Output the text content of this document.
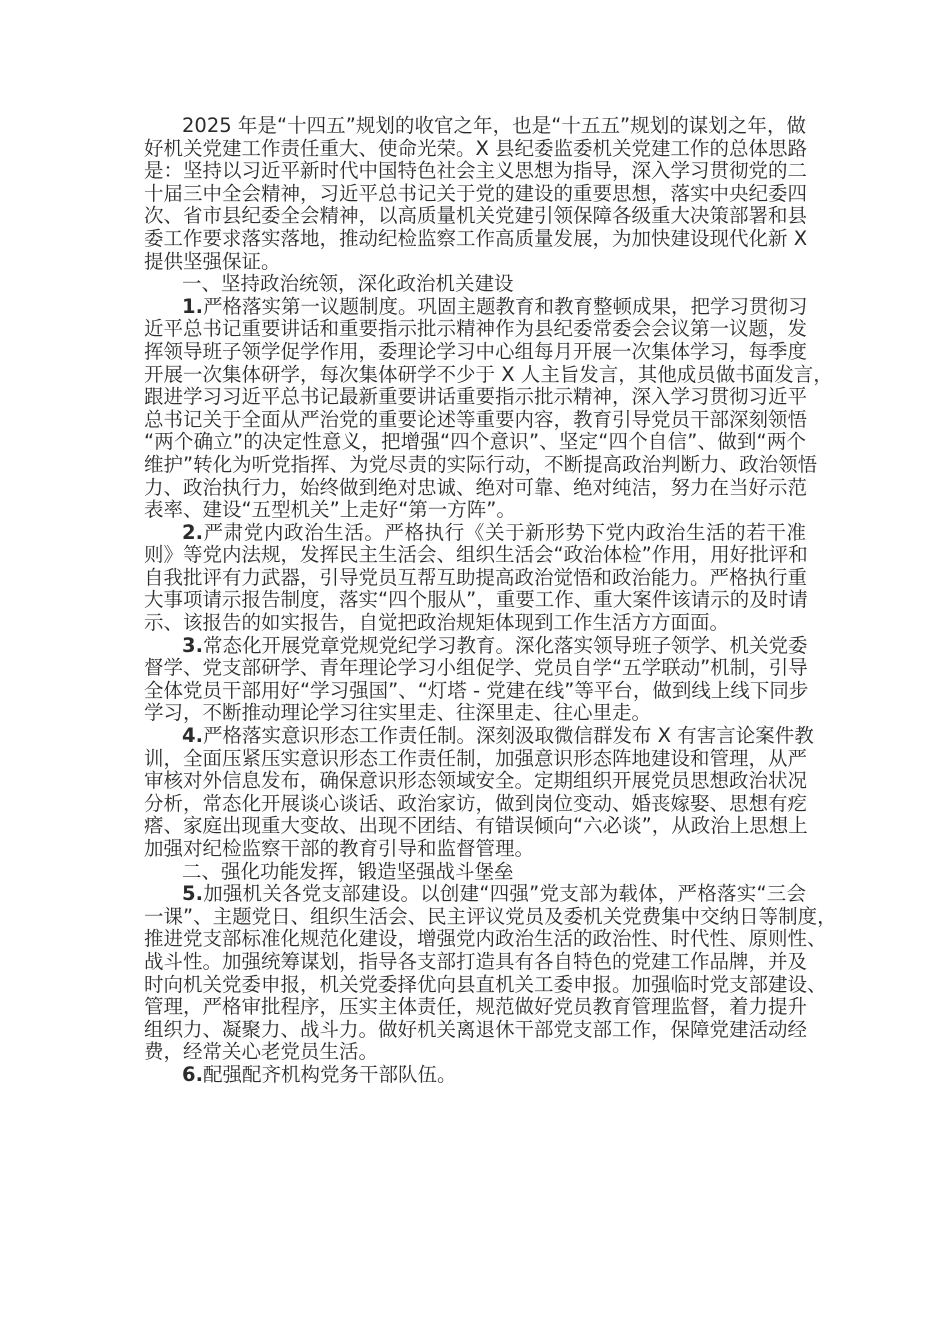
2025 年是“十四五”规划的收官之年，也是“十五五”规划的谋划之年，做
好机关党建工作责任重大、使命光荣。X 县纪委监委机关党建工作的总体思路
是：坚持以习近平新时代中国特色社会主义思想为指导，深入学习贯彻党的二
十届三中全会精神，习近平总书记关于党的建设的重要思想，落实中央纪委四
次、省市县纪委全会精神，以高质量机关党建引领保障各级重大决策部署和县
委工作要求落实落地，推动纪检监察工作高质量发展，为加快建设现代化新 X
提供坚强保证。
一、坚持政治统领，深化政治机关建设
1.严格落实第一议题制度。巩固主题教育和教育整顿成果，把学习贯彻习
近平总书记重要讲话和重要指示批示精神作为县纪委常委会会议第一议题，发
挥领导班子领学促学作用，委理论学习中心组每月开展一次集体学习，每季度
开展一次集体研学，每次集体研学不少于 X 人主旨发言，其他成员做书面发言，
跟进学习习近平总书记最新重要讲话重要指示批示精神，深入学习贯彻习近平
总书记关于全面从严治党的重要论述等重要内容，教育引导党员干部深刻领悟
“两个确立”的决定性意义，把增强“四个意识”、坚定“四个自信”、做到“两个
维护”转化为听党指挥、为党尽责的实际行动，不断提高政治判断力、政治领悟
力、政治执行力，始终做到绝对忠诚、绝对可靠、绝对纯洁，努力在当好示范
表率、建设“五型机关”上走好“第一方阵”。
2.严肃党内政治生活。严格执行《关于新形势下党内政治生活的若干准
则》等党内法规，发挥民主生活会、组织生活会“政治体检”作用，用好批评和
自我批评有力武器，引导党员互帮互助提高政治觉悟和政治能力。严格执行重
大事项请示报告制度，落实“四个服从”，重要工作、重大案件该请示的及时请
示、该报告的如实报告，自觉把政治规矩体现到工作生活方方面面。
3.常态化开展党章党规党纪学习教育。深化落实领导班子领学、机关党委
督学、党支部研学、青年理论学习小组促学、党员自学“五学联动”机制，引导
全体党员干部用好“学习强国”、“灯塔 - 党建在线”等平台，做到线上线下同步
学习，不断推动理论学习往实里走、往深里走、往心里走。
4.严格落实意识形态工作责任制。深刻汲取微信群发布 X 有害言论案件教
训，全面压紧压实意识形态工作责任制，加强意识形态阵地建设和管理，从严
审核对外信息发布，确保意识形态领域安全。定期组织开展党员思想政治状况
分析，常态化开展谈心谈话、政治家访，做到岗位变动、婚丧嫁娶、思想有疙
瘩、家庭出现重大变故、出现不团结、有错误倾向“六必谈”，从政治上思想上
加强对纪检监察干部的教育引导和监督管理。
二、强化功能发挥，锻造坚强战斗堡垒
5.加强机关各党支部建设。以创建“四强”党支部为载体，严格落实“三会
一课”、主题党日、组织生活会、民主评议党员及委机关党费集中交纳日等制度，
推进党支部标准化规范化建设，增强党内政治生活的政治性、时代性、原则性、
战斗性。加强统筹谋划，指导各支部打造具有各自特色的党建工作品牌，并及
时向机关党委申报，机关党委择优向县直机关工委申报。加强临时党支部建设、
管理，严格审批程序，压实主体责任，规范做好党员教育管理监督，着力提升
组织力、凝聚力、战斗力。做好机关离退休干部党支部工作，保障党建活动经
费，经常关心老党员生活。
6.配强配齐机构党务干部队伍。
